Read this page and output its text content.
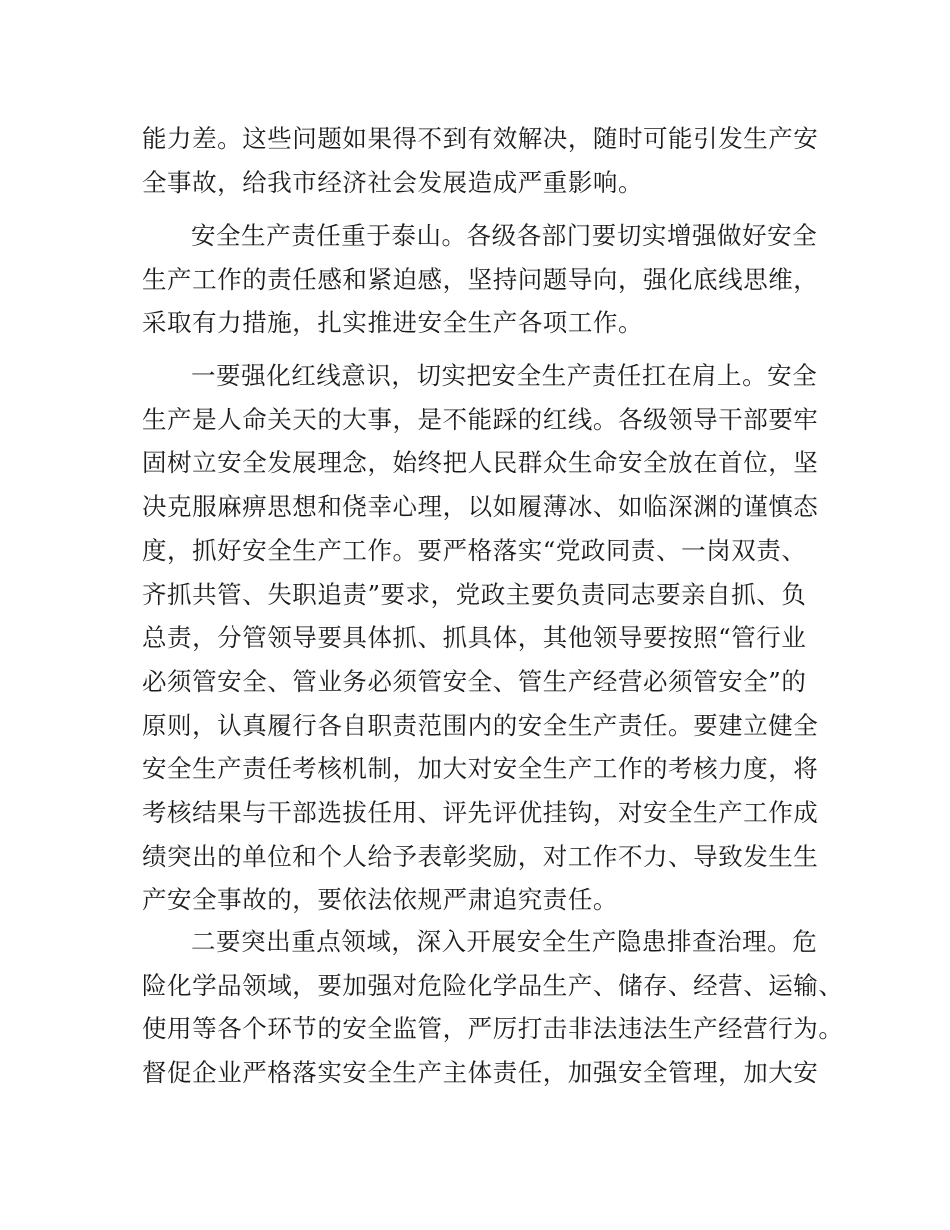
能力差。这些问题如果得不到有效解决，随时可能引发生产安
全事故，给我市经济社会发展造成严重影响。
安全生产责任重于泰山。各级各部门要切实增强做好安全
生产工作的责任感和紧迫感，坚持问题导向，强化底线思维，
采取有力措施，扎实推进安全生产各项工作。
一要强化红线意识，切实把安全生产责任扛在肩上。安全
生产是人命关天的大事，是不能踩的红线。各级领导干部要牢
固树立安全发展理念，始终把人民群众生命安全放在首位，坚
决克服麻痹思想和侥幸心理，以如履薄冰、如临深渊的谨慎态
度，抓好安全生产工作。要严格落实“党政同责、一岗双责、
齐抓共管、失职追责”要求，党政主要负责同志要亲自抓、负
总责，分管领导要具体抓、抓具体，其他领导要按照“管行业
必须管安全、管业务必须管安全、管生产经营必须管安全”的
原则，认真履行各自职责范围内的安全生产责任。要建立健全
安全生产责任考核机制，加大对安全生产工作的考核力度，将
考核结果与干部选拔任用、评先评优挂钩，对安全生产工作成
绩突出的单位和个人给予表彰奖励，对工作不力、导致发生生
产安全事故的，要依法依规严肃追究责任。
二要突出重点领域，深入开展安全生产隐患排查治理。危
险化学品领域，要加强对危险化学品生产、储存、经营、运输、
使用等各个环节的安全监管，严厉打击非法违法生产经营行为。
督促企业严格落实安全生产主体责任，加强安全管理，加大安
